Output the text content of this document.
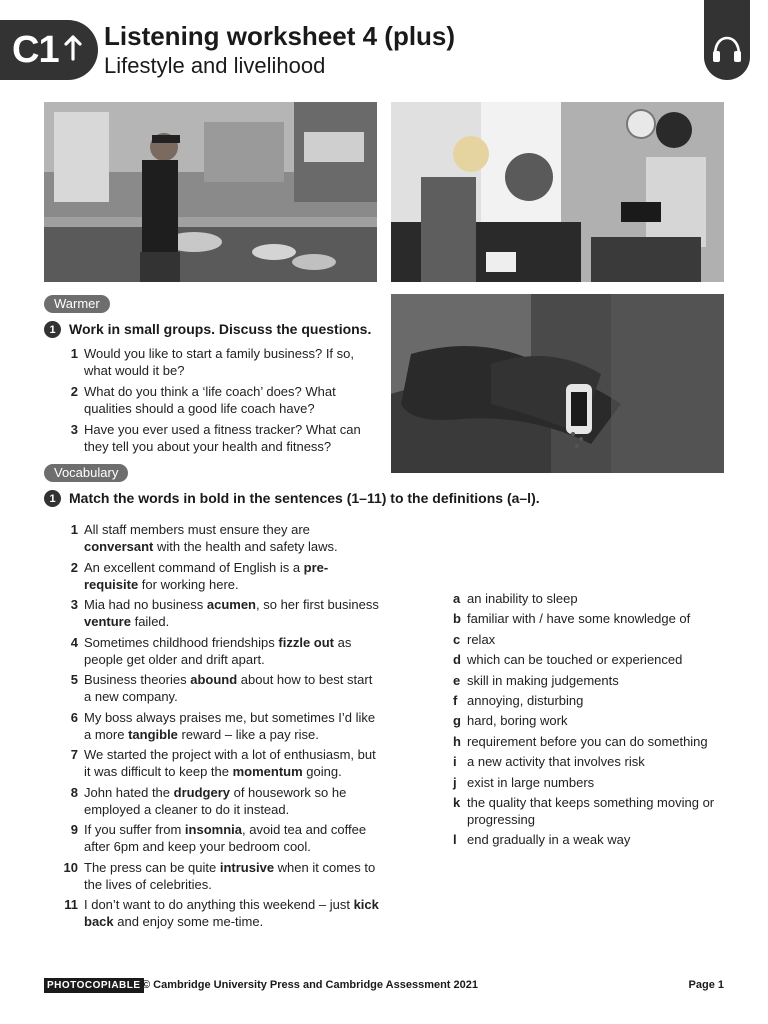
C1 Listening worksheet 4 (plus)
Lifestyle and livelihood
Warmer
1 Work in small groups. Discuss the questions.
1 Would you like to start a family business? If so, what would it be?
2 What do you think a ‘life coach’ does? What qualities should a good life coach have?
3 Have you ever used a fitness tracker? What can they tell you about your health and fitness?
Vocabulary
1 Match the words in bold in the sentences (1–11) to the definitions (a–l).
1 All staff members must ensure they are conversant with the health and safety laws.
2 An excellent command of English is a pre-requisite for working here.
3 Mia had no business acumen, so her first business venture failed.
4 Sometimes childhood friendships fizzle out as people get older and drift apart.
5 Business theories abound about how to best start a new company.
6 My boss always praises me, but sometimes I’d like a more tangible reward – like a pay rise.
7 We started the project with a lot of enthusiasm, but it was difficult to keep the momentum going.
8 John hated the drudgery of housework so he employed a cleaner to do it instead.
9 If you suffer from insomnia, avoid tea and coffee after 6pm and keep your bedroom cool.
10 The press can be quite intrusive when it comes to the lives of celebrities.
11 I don’t want to do anything this weekend – just kick back and enjoy some me-time.
a an inability to sleep
b familiar with / have some knowledge of
c relax
d which can be touched or experienced
e skill in making judgements
f annoying, disturbing
g hard, boring work
h requirement before you can do something
i a new activity that involves risk
j exist in large numbers
k the quality that keeps something moving or progressing
l end gradually in a weak way
PHOTOCOPIABLE © Cambridge University Press and Cambridge Assessment 2021	Page 1
